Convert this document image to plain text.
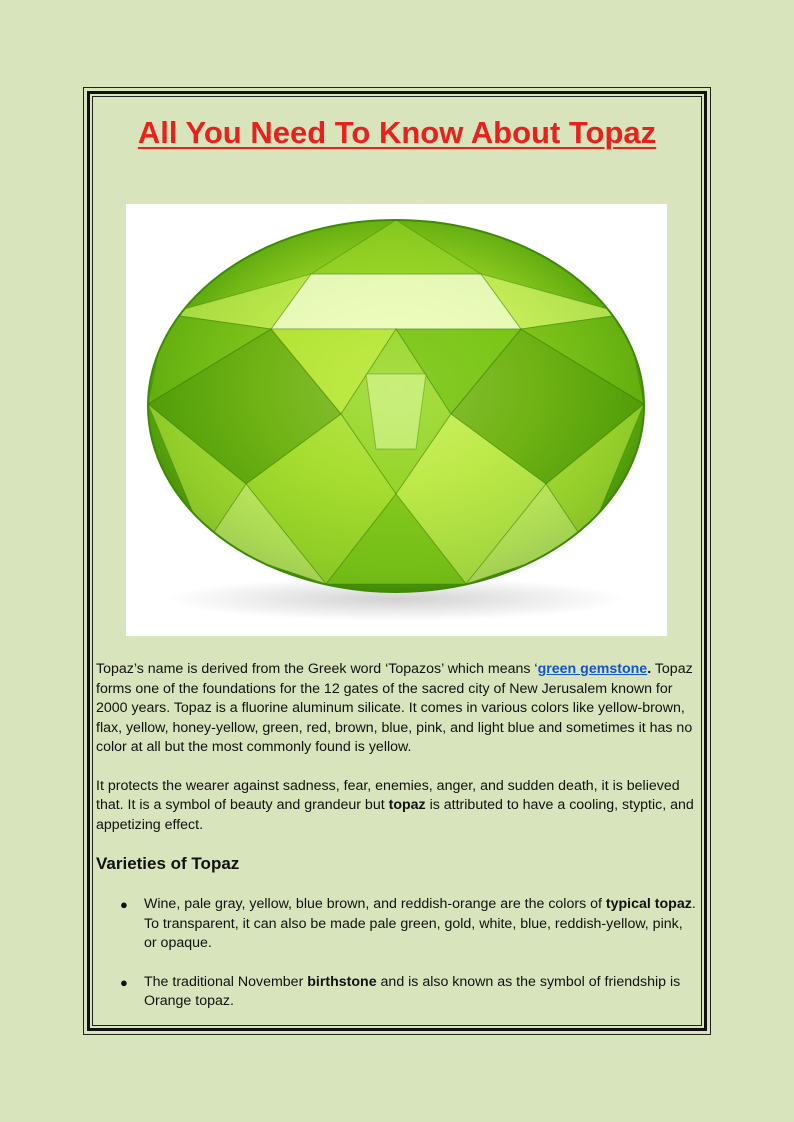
All You Need To Know About Topaz

Topaz’s name is derived from the Greek word ‘Topazos’ which means ‘green gemstone. Topaz forms one of the foundations for the 12 gates of the sacred city of New Jerusalem known for 2000 years. Topaz is a fluorine aluminum silicate. It comes in various colors like yellow-brown, flax, yellow, honey-yellow, green, red, brown, blue, pink, and light blue and sometimes it has no color at all but the most commonly found is yellow.

It protects the wearer against sadness, fear, enemies, anger, and sudden death, it is believed that. It is a symbol of beauty and grandeur but topaz is attributed to have a cooling, styptic, and appetizing effect.

Varieties of Topaz
● Wine, pale gray, yellow, blue brown, and reddish-orange are the colors of typical topaz. To transparent, it can also be made pale green, gold, white, blue, reddish-yellow, pink, or opaque.
● The traditional November birthstone and is also known as the symbol of friendship is Orange topaz.
